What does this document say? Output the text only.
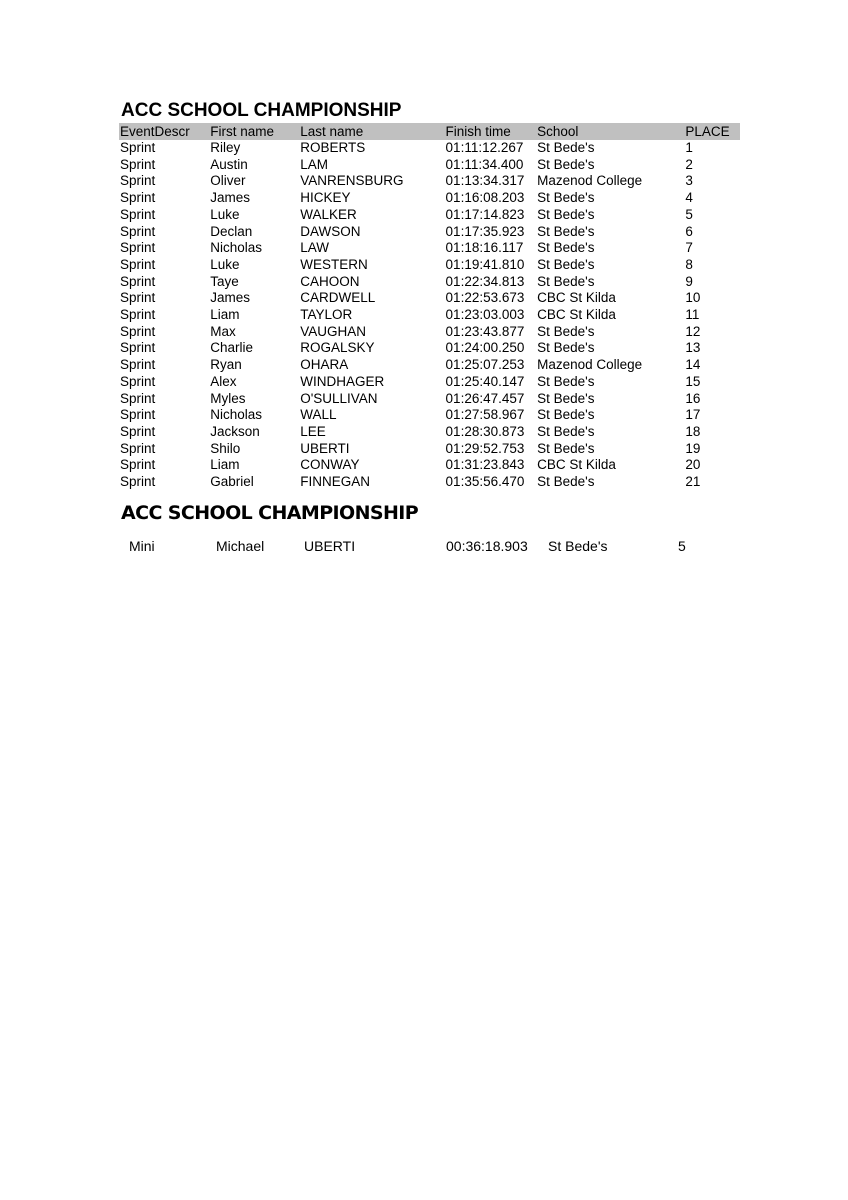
ACC SCHOOL CHAMPIONSHIP
EventDescr	First name	Last name	Finish time	School	PLACE
Sprint	Riley	ROBERTS	01:11:12.267	St Bede's	1
Sprint	Austin	LAM	01:11:34.400	St Bede's	2
Sprint	Oliver	VANRENSBURG	01:13:34.317	Mazenod College	3
Sprint	James	HICKEY	01:16:08.203	St Bede's	4
Sprint	Luke	WALKER	01:17:14.823	St Bede's	5
Sprint	Declan	DAWSON	01:17:35.923	St Bede's	6
Sprint	Nicholas	LAW	01:18:16.117	St Bede's	7
Sprint	Luke	WESTERN	01:19:41.810	St Bede's	8
Sprint	Taye	CAHOON	01:22:34.813	St Bede's	9
Sprint	James	CARDWELL	01:22:53.673	CBC St Kilda	10
Sprint	Liam	TAYLOR	01:23:03.003	CBC St Kilda	11
Sprint	Max	VAUGHAN	01:23:43.877	St Bede's	12
Sprint	Charlie	ROGALSKY	01:24:00.250	St Bede's	13
Sprint	Ryan	OHARA	01:25:07.253	Mazenod College	14
Sprint	Alex	WINDHAGER	01:25:40.147	St Bede's	15
Sprint	Myles	O'SULLIVAN	01:26:47.457	St Bede's	16
Sprint	Nicholas	WALL	01:27:58.967	St Bede's	17
Sprint	Jackson	LEE	01:28:30.873	St Bede's	18
Sprint	Shilo	UBERTI	01:29:52.753	St Bede's	19
Sprint	Liam	CONWAY	01:31:23.843	CBC St Kilda	20
Sprint	Gabriel	FINNEGAN	01:35:56.470	St Bede's	21
ACC SCHOOL CHAMPIONSHIP
Mini	Michael	UBERTI	00:36:18.903 St Bede's	5
